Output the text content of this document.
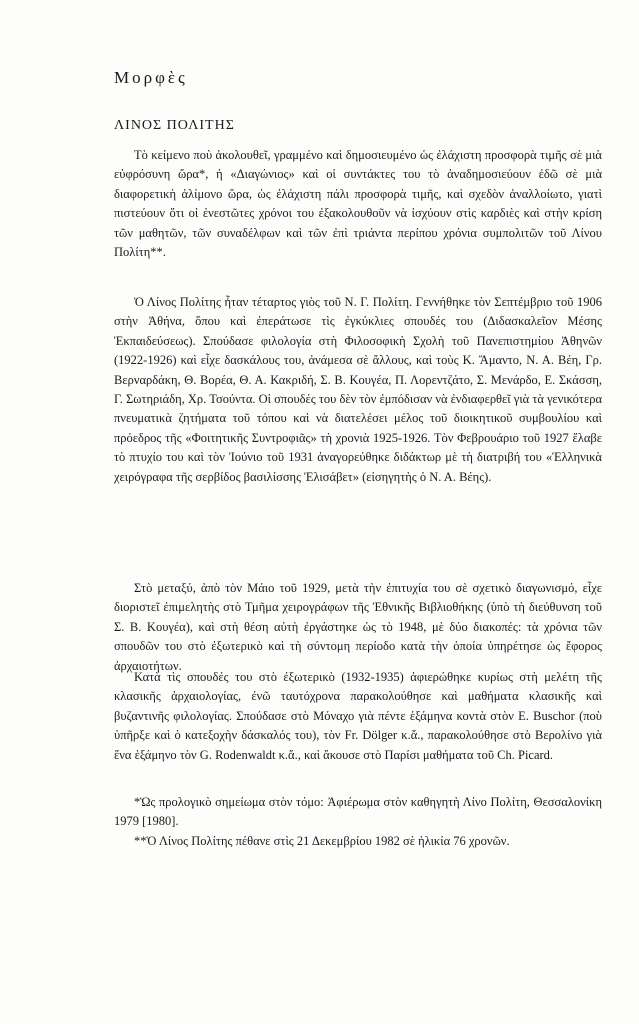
Μορφὲς
ΛΙΝΟΣ ΠΟΛΙΤΗΣ

Τὸ κείμενο ποὺ ἀκολουθεῖ, γραμμένο καὶ δημοσιευμένο ὡς ἐλάχιστη προσφορὰ τιμῆς σὲ μιὰ εὐφρόσυνη ὥρα*, ἡ «Διαγώνιος» καὶ οἱ συντάκτες του τὸ ἀναδημοσιεύουν ἐδῶ σὲ μιὰ διαφορετικὴ ἀλίμονο ὥρα, ὡς ἐλάχιστη πάλι προσφορὰ τιμῆς, καὶ σχεδὸν ἀναλλοίωτο, γιατὶ πιστεύουν ὅτι οἱ ἐνεστῶτες χρόνοι του ἐξακολουθοῦν νὰ ἰσχύουν στὶς καρδιὲς καὶ στὴν κρίση τῶν μαθητῶν, τῶν συναδέλφων καὶ τῶν ἐπὶ τριάντα περίπου χρόνια συμπολιτῶν τοῦ Λίνου Πολίτη**.

Ὁ Λίνος Πολίτης ἦταν τέταρτος γιὸς τοῦ Ν. Γ. Πολίτη. Γεννήθηκε τὸν Σεπτέμβριο τοῦ 1906 στὴν Ἀθήνα, ὅπου καὶ ἐπεράτωσε τὶς ἐγκύκλιες σπουδές του (Διδασκαλεῖον Μέσης Ἐκπαιδεύσεως). Σπούδασε φιλολογία στὴ Φιλοσοφικὴ Σχολὴ τοῦ Πανεπιστημίου Ἀθηνῶν (1922-1926) καὶ εἶχε δασκάλους του, ἀνάμεσα σὲ ἄλλους, καὶ τοὺς Κ. Ἄμαντο, Ν. Α. Βέη, Γρ. Βερναρδάκη, Θ. Βορέα, Θ. Α. Κακριδή, Σ. Β. Κουγέα, Π. Λορεντζάτο, Σ. Μενάρδο, Ε. Σκάσση, Γ. Σωτηριάδη, Χρ. Τσούντα. Οἱ σπουδές του δὲν τὸν ἐμπόδισαν νὰ ἐνδιαφερθεῖ γιὰ τὰ γενικότερα πνευματικὰ ζητήματα τοῦ τόπου καὶ νὰ διατελέσει μέλος τοῦ διοικητικοῦ συμβουλίου καὶ πρόεδρος τῆς «Φοιτητικῆς Συντροφιᾶς» τὴ χρονιὰ 1925-1926. Τὸν Φεβρουάριο τοῦ 1927 ἔλαβε τὸ πτυχίο του καὶ τὸν Ἰούνιο τοῦ 1931 ἀναγορεύθηκε διδάκτωρ μὲ τὴ διατριβή του «Ἑλληνικὰ χειρόγραφα τῆς σερβίδος βασιλίσσης Ἐλισάβετ» (εἰσηγητὴς ὁ Ν. Α. Βέης).

Στὸ μεταξύ, ἀπὸ τὸν Μάιο τοῦ 1929, μετὰ τὴν ἐπιτυχία του σὲ σχετικὸ διαγωνισμό, εἶχε διοριστεῖ ἐπιμελητὴς στὸ Τμῆμα χειρογράφων τῆς Ἐθνικῆς Βιβλιοθήκης (ὑπὸ τὴ διεύθυνση τοῦ Σ. Β. Κουγέα), καὶ στὴ θέση αὐτὴ ἐργάστηκε ὡς τὸ 1948, μὲ δύο διακοπές: τὰ χρόνια τῶν σπουδῶν του στὸ ἐξωτερικὸ καὶ τὴ σύντομη περίοδο κατὰ τὴν ὁποία ὑπηρέτησε ὡς ἔφορος ἀρχαιοτήτων.

Κατὰ τὶς σπουδές του στὸ ἐξωτερικὸ (1932-1935) ἀφιερώθηκε κυρίως στὴ μελέτη τῆς κλασικῆς ἀρχαιολογίας, ἐνῶ ταυτόχρονα παρακολούθησε καὶ μαθήματα κλασικῆς καὶ βυζαντινῆς φιλολογίας. Σπούδασε στὸ Μόναχο γιὰ πέντε ἑξάμηνα κοντὰ στὸν E. Buschor (ποὺ ὑπῆρξε καὶ ὁ κατεξοχὴν δάσκαλός του), τὸν Fr. Dölger κ.ἄ., παρακολούθησε στὸ Βερολίνο γιὰ ἕνα ἑξάμηνο τὸν G. Rodenwaldt κ.ἄ., καὶ ἄκουσε στὸ Παρίσι μαθήματα τοῦ Ch. Picard.

*Ὡς προλογικὸ σημείωμα στὸν τόμο: Ἀφιέρωμα στὸν καθηγητὴ Λίνο Πολίτη, Θεσσαλονίκη 1979 [1980].

**Ὁ Λίνος Πολίτης πέθανε στὶς 21 Δεκεμβρίου 1982 σὲ ἡλικία 76 χρονῶν.
